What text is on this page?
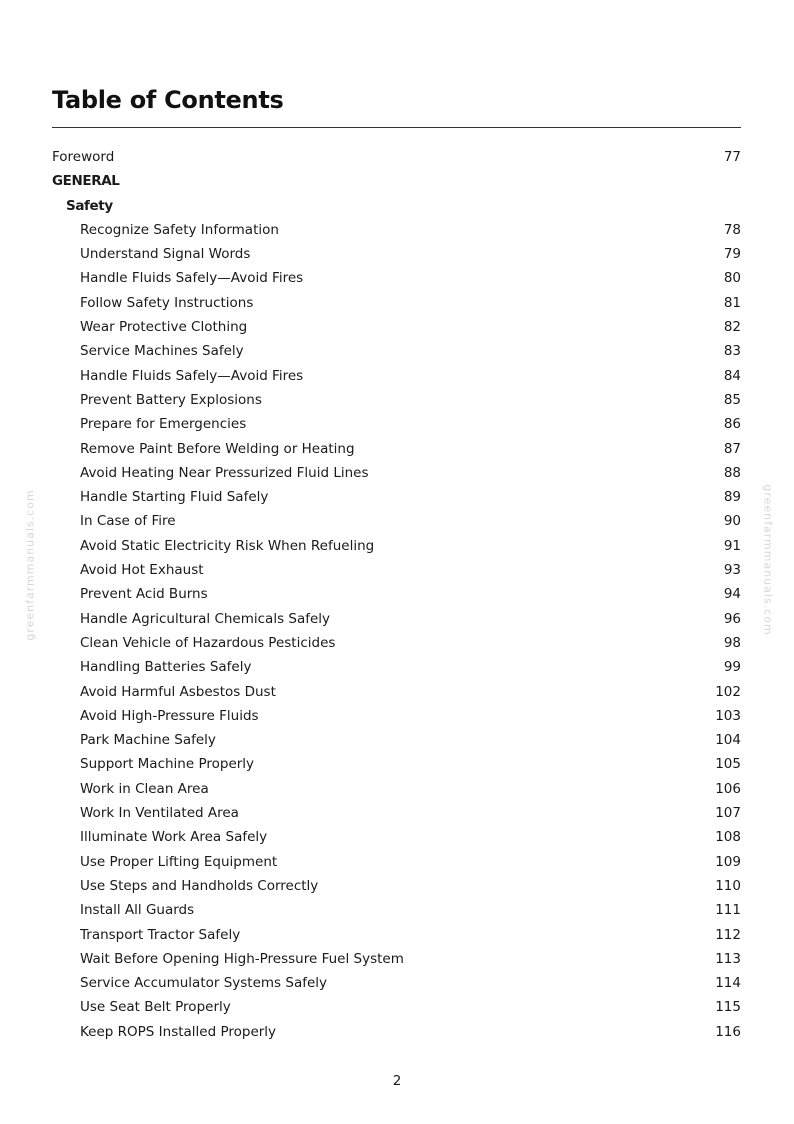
Table of Contents
Foreword	77
GENERAL
Safety
Recognize Safety Information	78
Understand Signal Words	79
Handle Fluids Safely—Avoid Fires	80
Follow Safety Instructions	81
Wear Protective Clothing	82
Service Machines Safely	83
Handle Fluids Safely—Avoid Fires	84
Prevent Battery Explosions	85
Prepare for Emergencies	86
Remove Paint Before Welding or Heating	87
Avoid Heating Near Pressurized Fluid Lines	88
Handle Starting Fluid Safely	89
In Case of Fire	90
Avoid Static Electricity Risk When Refueling	91
Avoid Hot Exhaust	93
Prevent Acid Burns	94
Handle Agricultural Chemicals Safely	96
Clean Vehicle of Hazardous Pesticides	98
Handling Batteries Safely	99
Avoid Harmful Asbestos Dust	102
Avoid High-Pressure Fluids	103
Park Machine Safely	104
Support Machine Properly	105
Work in Clean Area	106
Work In Ventilated Area	107
Illuminate Work Area Safely	108
Use Proper Lifting Equipment	109
Use Steps and Handholds Correctly	110
Install All Guards	111
Transport Tractor Safely	112
Wait Before Opening High-Pressure Fuel System	113
Service Accumulator Systems Safely	114
Use Seat Belt Properly	115
Keep ROPS Installed Properly	116
greenfarmmanuals.com	greenfarmmanuals.com
2
